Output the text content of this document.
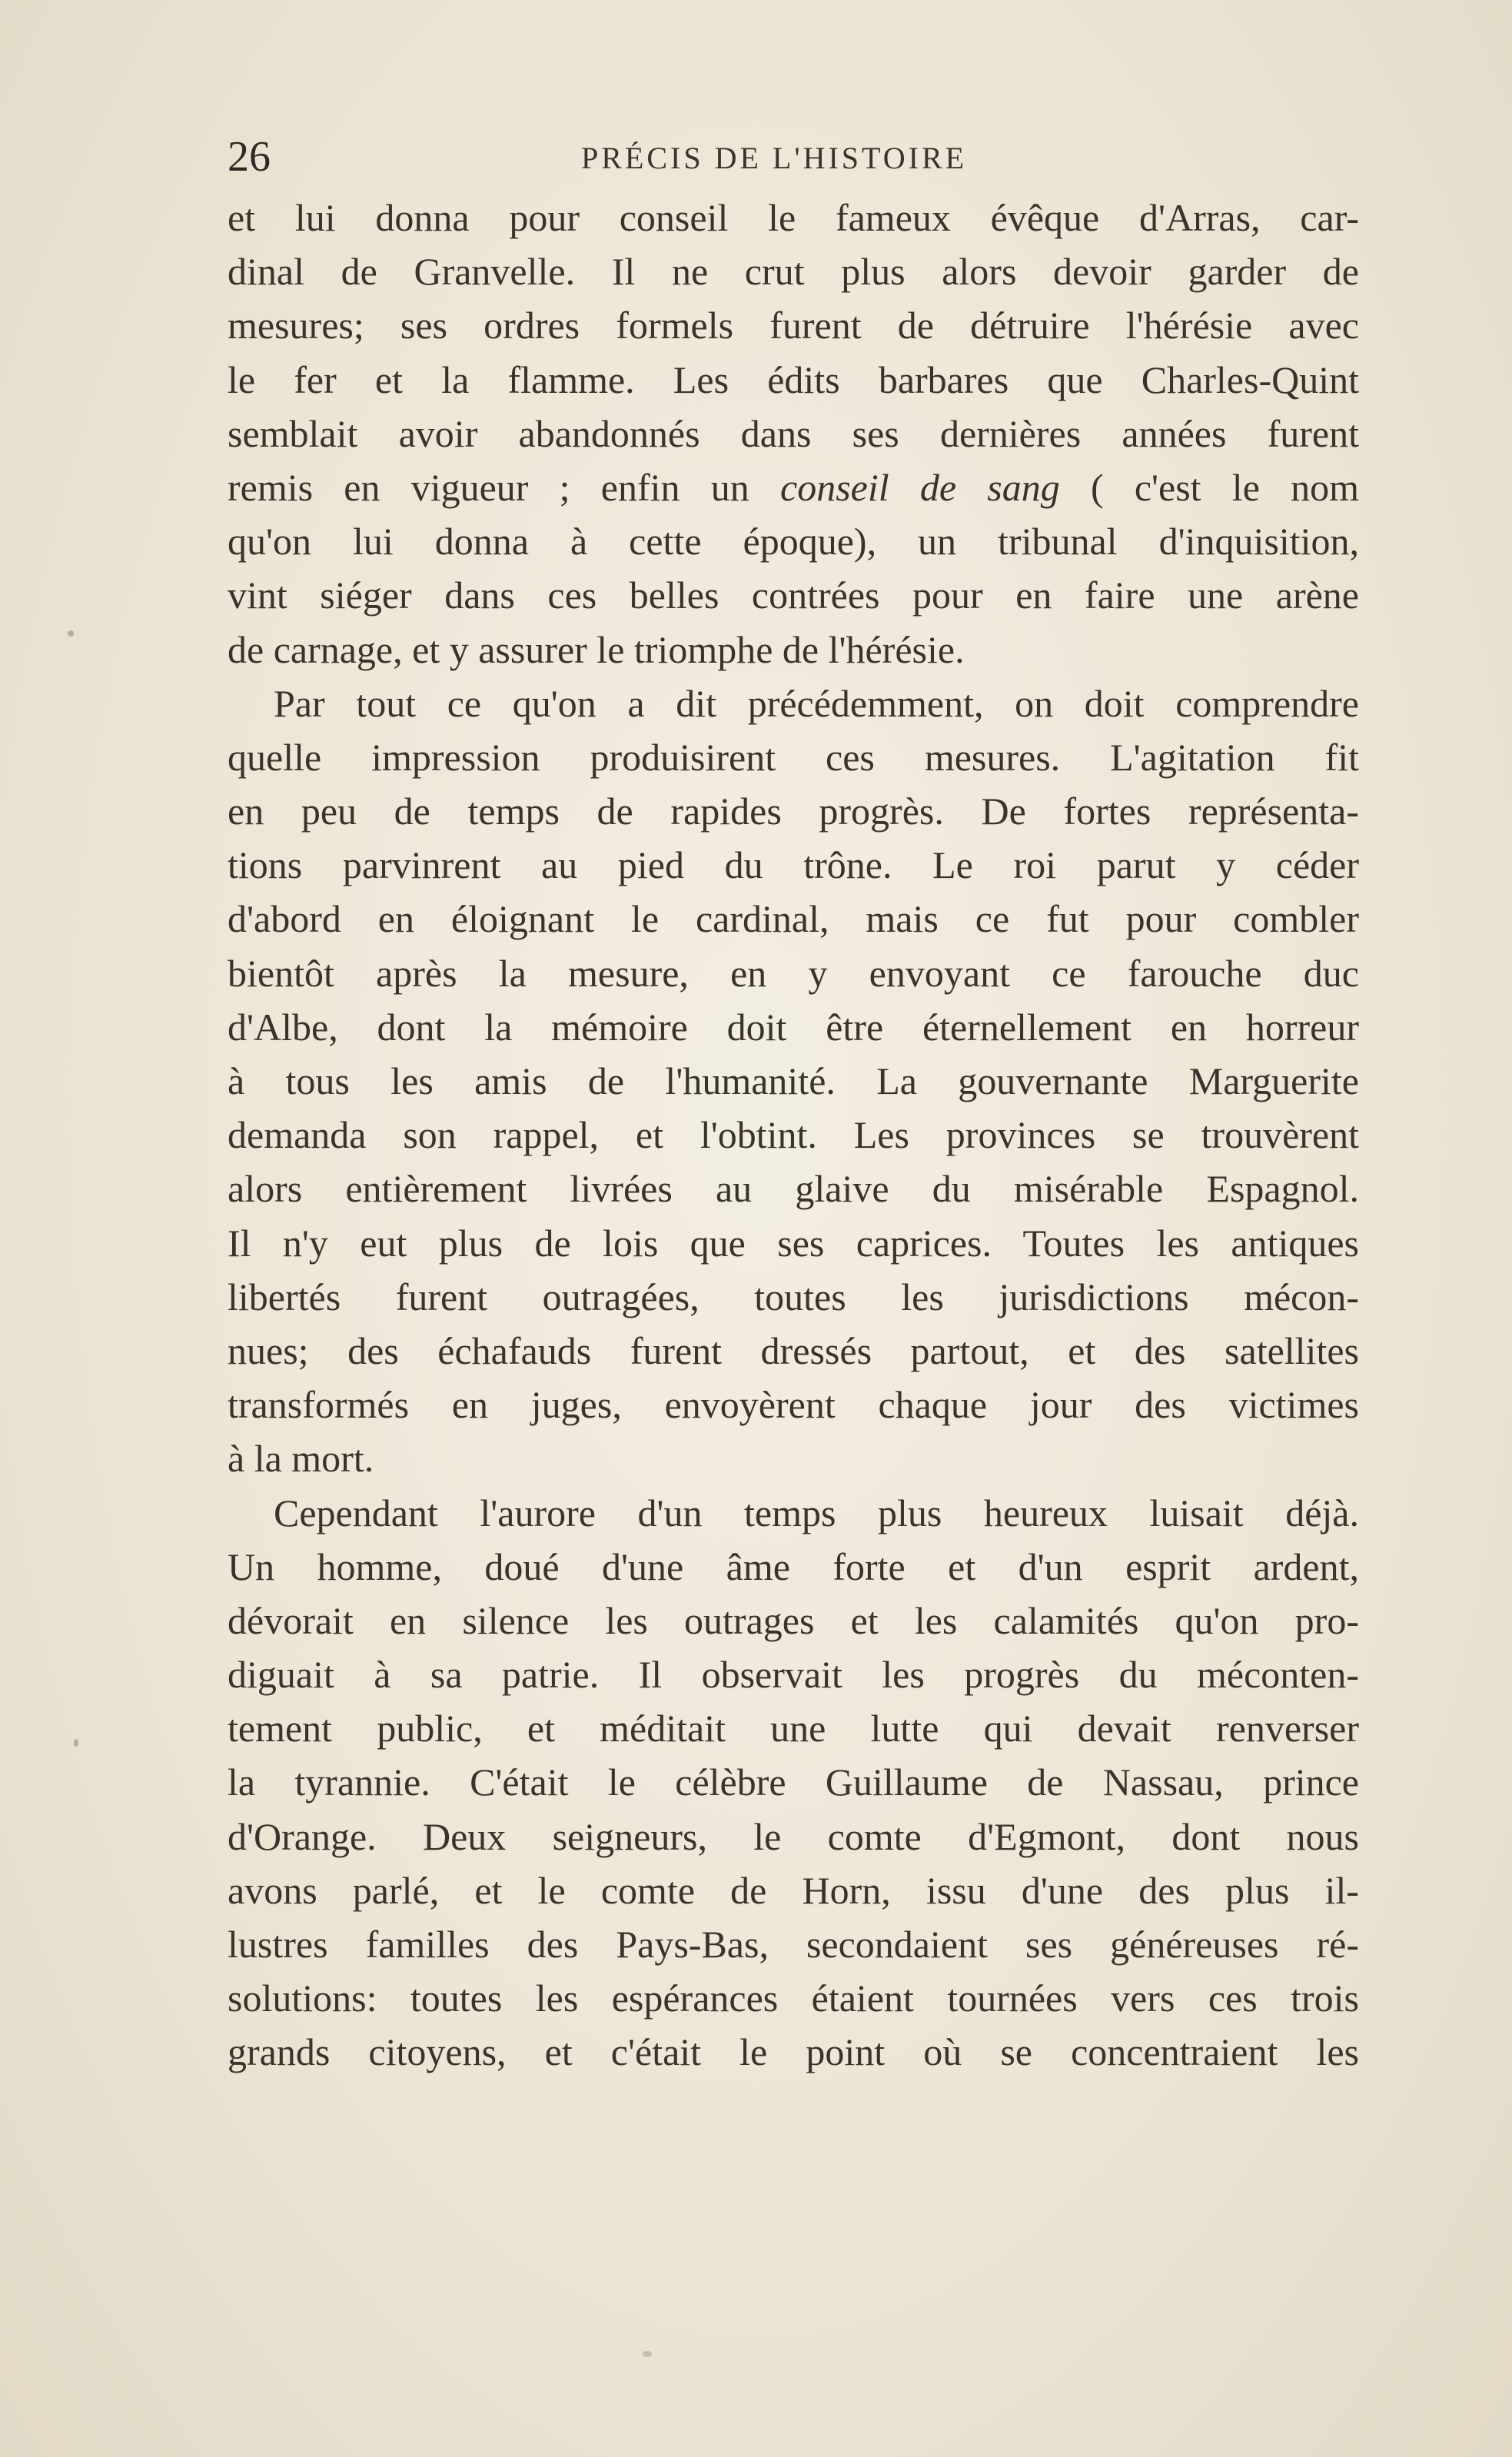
26	PRÉCIS DE L'HISTOIRE
et lui donna pour conseil le fameux évêque d'Arras, car-
dinal de Granvelle. Il ne crut plus alors devoir garder de
mesures; ses ordres formels furent de détruire l'hérésie avec
le fer et la flamme. Les édits barbares que Charles-Quint
semblait avoir abandonnés dans ses dernières années furent
remis en vigueur ; enfin un conseil de sang ( c'est le nom
qu'on lui donna à cette époque), un tribunal d'inquisition,
vint siéger dans ces belles contrées pour en faire une arène
de carnage, et y assurer le triomphe de l'hérésie.
Par tout ce qu'on a dit précédemment, on doit comprendre
quelle impression produisirent ces mesures. L'agitation fit
en peu de temps de rapides progrès. De fortes représenta-
tions parvinrent au pied du trône. Le roi parut y céder
d'abord en éloignant le cardinal, mais ce fut pour combler
bientôt après la mesure, en y envoyant ce farouche duc
d'Albe, dont la mémoire doit être éternellement en horreur
à tous les amis de l'humanité. La gouvernante Marguerite
demanda son rappel, et l'obtint. Les provinces se trouvèrent
alors entièrement livrées au glaive du misérable Espagnol.
Il n'y eut plus de lois que ses caprices. Toutes les antiques
libertés furent outragées, toutes les jurisdictions mécon-
nues; des échafauds furent dressés partout, et des satellites
transformés en juges, envoyèrent chaque jour des victimes
à la mort.
Cependant l'aurore d'un temps plus heureux luisait déjà.
Un homme, doué d'une âme forte et d'un esprit ardent,
dévorait en silence les outrages et les calamités qu'on pro-
diguait à sa patrie. Il observait les progrès du méconten-
tement public, et méditait une lutte qui devait renverser
la tyrannie. C'était le célèbre Guillaume de Nassau, prince
d'Orange. Deux seigneurs, le comte d'Egmont, dont nous
avons parlé, et le comte de Horn, issu d'une des plus il-
lustres familles des Pays-Bas, secondaient ses généreuses ré-
solutions: toutes les espérances étaient tournées vers ces trois
grands citoyens, et c'était le point où se concentraient les
